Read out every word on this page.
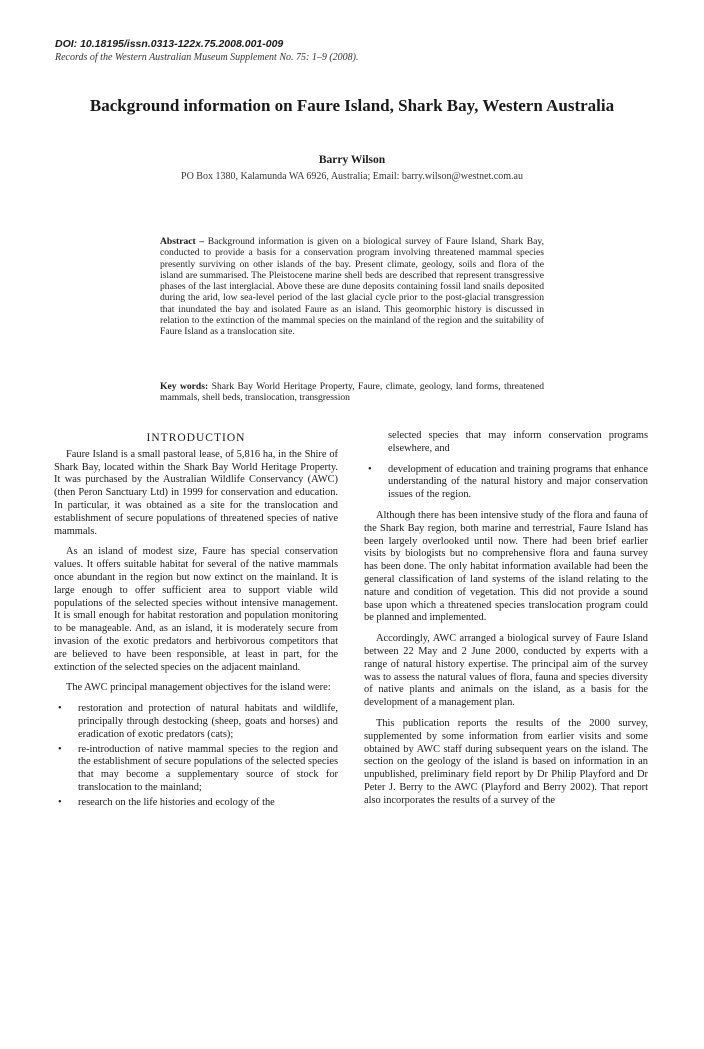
DOI: 10.18195/issn.0313-122x.75.2008.001-009
Records of the Western Australian Museum Supplement No. 75: 1–9 (2008).
Background information on Faure Island, Shark Bay, Western Australia
Barry Wilson
PO Box 1380, Kalamunda WA 6926, Australia; Email: barry.wilson@westnet.com.au
Abstract – Background information is given on a biological survey of Faure Island, Shark Bay, conducted to provide a basis for a conservation program involving threatened mammal species presently surviving on other islands of the bay. Present climate, geology, soils and flora of the island are summarised. The Pleistocene marine shell beds are described that represent transgressive phases of the last interglacial. Above these are dune deposits containing fossil land snails deposited during the arid, low sea-level period of the last glacial cycle prior to the post-glacial transgression that inundated the bay and isolated Faure as an island. This geomorphic history is discussed in relation to the extinction of the mammal species on the mainland of the region and the suitability of Faure Island as a translocation site.
Key words: Shark Bay World Heritage Property, Faure, climate, geology, land forms, threatened mammals, shell beds, translocation, transgression
INTRODUCTION

Faure Island is a small pastoral lease, of 5,816 ha, in the Shire of Shark Bay, located within the Shark Bay World Heritage Property. It was purchased by the Australian Wildlife Conservancy (AWC) (then Peron Sanctuary Ltd) in 1999 for conservation and education. In particular, it was obtained as a site for the translocation and establishment of secure populations of threatened species of native mammals.

As an island of modest size, Faure has special conservation values. It offers suitable habitat for several of the native mammals once abundant in the region but now extinct on the mainland. It is large enough to offer sufficient area to support viable wild populations of the selected species without intensive management. It is small enough for habitat restoration and population monitoring to be manageable. And, as an island, it is moderately secure from invasion of the exotic predators and herbivorous competitors that are believed to have been responsible, at least in part, for the extinction of the selected species on the adjacent mainland.

The AWC principal management objectives for the island were:

• restoration and protection of natural habitats and wildlife, principally through destocking (sheep, goats and horses) and eradication of exotic predators (cats);
• re-introduction of native mammal species to the region and the establishment of secure populations of the selected species that may become a supplementary source of stock for translocation to the mainland;
• research on the life histories and ecology of the

selected species that may inform conservation programs elsewhere, and

• development of education and training programs that enhance understanding of the natural history and major conservation issues of the region.

Although there has been intensive study of the flora and fauna of the Shark Bay region, both marine and terrestrial, Faure Island has been largely overlooked until now. There had been brief earlier visits by biologists but no comprehensive flora and fauna survey has been done. The only habitat information available had been the general classification of land systems of the island relating to the nature and condition of vegetation. This did not provide a sound base upon which a threatened species translocation program could be planned and implemented.

Accordingly, AWC arranged a biological survey of Faure Island between 22 May and 2 June 2000, conducted by experts with a range of natural history expertise. The principal aim of the survey was to assess the natural values of flora, fauna and species diversity of native plants and animals on the island, as a basis for the development of a management plan.

This publication reports the results of the 2000 survey, supplemented by some information from earlier visits and some obtained by AWC staff during subsequent years on the island. The section on the geology of the island is based on information in an unpublished, preliminary field report by Dr Philip Playford and Dr Peter J. Berry to the AWC (Playford and Berry 2002). That report also incorporates the results of a survey of the
